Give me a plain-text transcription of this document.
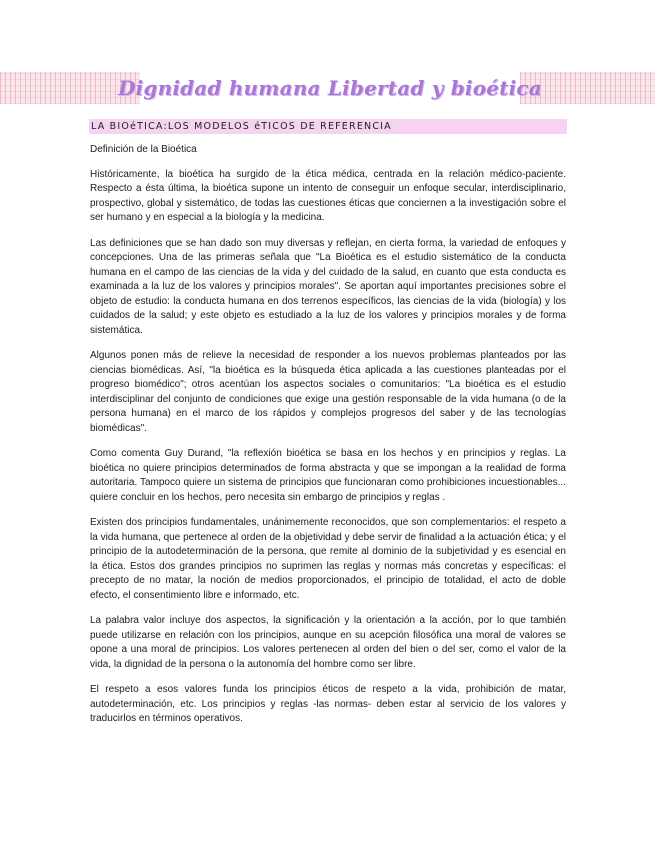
Dignidad humana Libertad y bioética
LA BIOéTICA:LOS MODELOS éTICOS DE REFERENCIA

Definición de la Bioética

Históricamente, la bioética ha surgido de la ética médica, centrada en la relación médico-paciente. Respecto a ésta última, la bioética supone un intento de conseguir un enfoque secular, interdisciplinario, prospectivo, global y sistemático, de todas las cuestiones éticas que conciernen a la investigación sobre el ser humano y en especial a la biología y la medicina.

Las definiciones que se han dado son muy diversas y reflejan, en cierta forma, la variedad de enfoques y concepciones. Una de las primeras señala que "La Bioética es el estudio sistemático de la conducta humana en el campo de las ciencias de la vida y del cuidado de la salud, en cuanto que esta conducta es examinada a la luz de los valores y principios morales". Se aportan aquí importantes precisiones sobre el objeto de estudio: la conducta humana en dos terrenos específicos, las ciencias de la vida (biología) y los cuidados de la salud; y este objeto es estudiado a la luz de los valores y principios morales y de forma sistemática.

Algunos ponen más de relieve la necesidad de responder a los nuevos problemas planteados por las ciencias biomédicas. Así, "la bioética es la búsqueda ética aplicada a las cuestiones planteadas por el progreso biomédico"; otros acentúan los aspectos sociales o comunitarios: "La bioética es el estudio interdisciplinar del conjunto de condiciones que exige una gestión responsable de la vida humana (o de la persona humana) en el marco de los rápidos y complejos progresos del saber y de las tecnologías biomédicas".

Como comenta Guy Durand, "la reflexión bioética se basa en los hechos y en principios y reglas. La bioética no quiere principios determinados de forma abstracta y que se impongan a la realidad de forma autoritaria. Tampoco quiere un sistema de principios que funcionaran como prohibiciones incuestionables... quiere concluir en los hechos, pero necesita sin embargo de principios y reglas .

Existen dos principios fundamentales, unánimemente reconocidos, que son complementarios: el respeto a la vida humana, que pertenece al orden de la objetividad y debe servir de finalidad a la actuación ética; y el principio de la autodeterminación de la persona, que remite al dominio de la subjetividad y es esencial en la ética. Estos dos grandes principios no suprimen las reglas y normas más concretas y específicas: el precepto de no matar, la noción de medios proporcionados, el principio de totalidad, el acto de doble efecto, el consentimiento libre e informado, etc.

La palabra valor incluye dos aspectos, la significación y la orientación a la acción, por lo que también puede utilizarse en relación con los principios, aunque en su acepción filosófica una moral de valores se opone a una moral de principios. Los valores pertenecen al orden del bien o del ser, como el valor de la vida, la dignidad de la persona o la autonomía del hombre como ser libre.

El respeto a esos valores funda los principios éticos de respeto a la vida, prohibición de matar, autodeterminación, etc. Los principios y reglas -las normas- deben estar al servicio de los valores y traducirlos en términos operativos.
